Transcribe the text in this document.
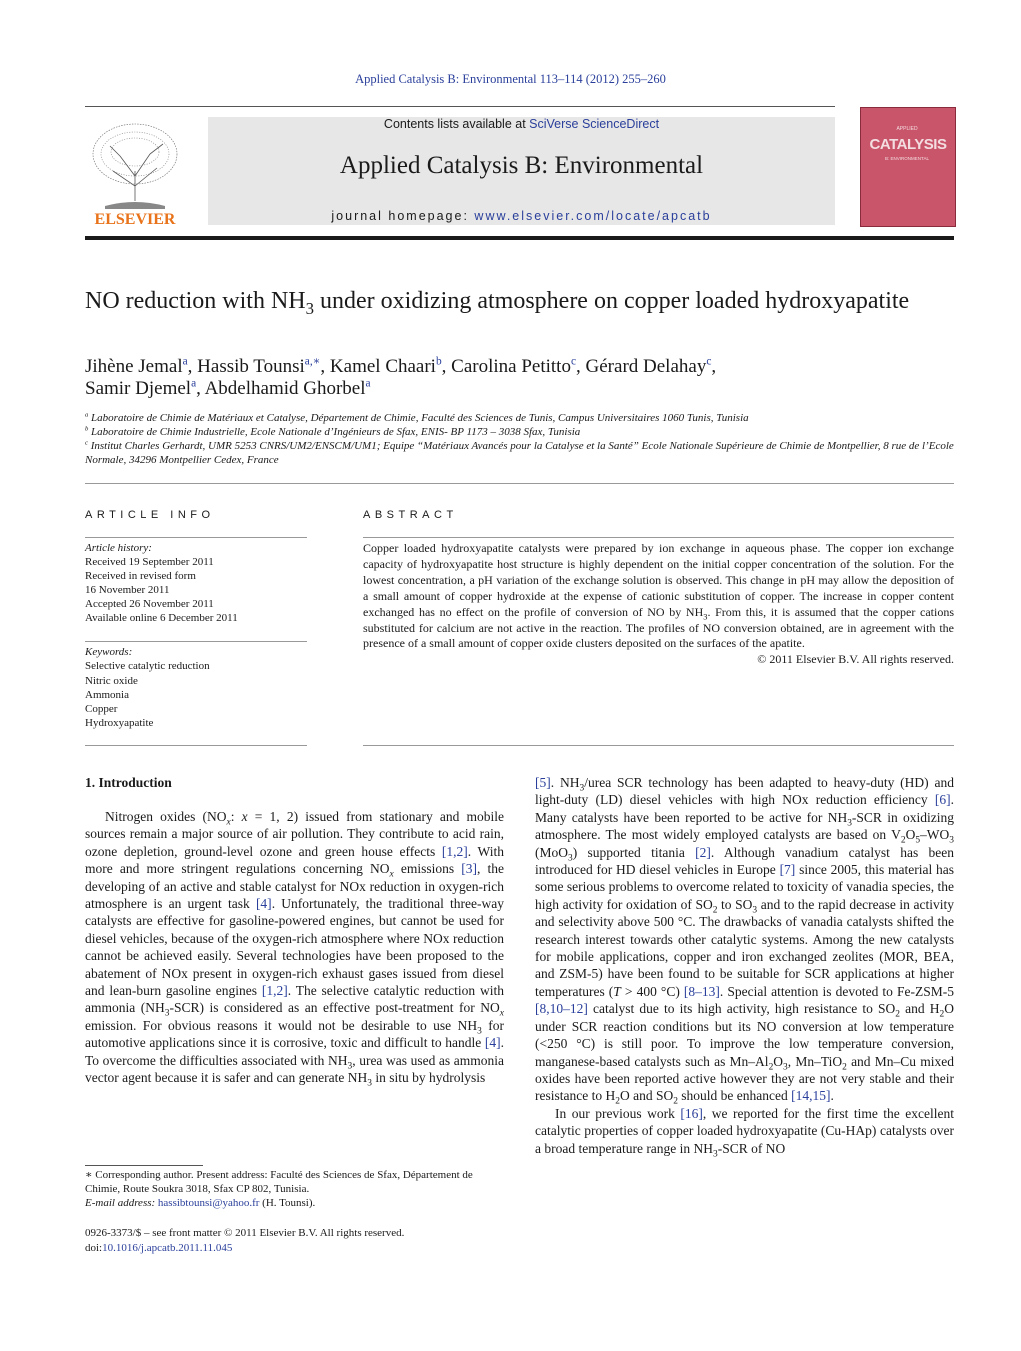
Applied Catalysis B: Environmental 113–114 (2012) 255–260
ELSEVIER
Contents lists available at SciVerse ScienceDirect
Applied Catalysis B: Environmental
journal homepage: www.elsevier.com/locate/apcatb
APPLIED
CATALYSIS
B: ENVIRONMENTAL
NO reduction with $NH_3$ under oxidizing atmosphere on copper loaded hydroxyapatite
Jihène Jemal$^a$, Hassib Tounsi$^{a,∗}$, Kamel Chaari$^b$, Carolina Petitto$^c$, Gérard Delahay$^c$,
Samir Djemel$^a$, Abdelhamid Ghorbel$^a$

$^a$ Laboratoire de Chimie de Matériaux et Catalyse, Département de Chimie, Faculté des Sciences de Tunis, Campus Universitaires 1060 Tunis, Tunisia

$^b$ Laboratoire de Chimie Industrielle, Ecole Nationale d’Ingénieurs de Sfax, ENIS- BP 1173 – 3038 Sfax, Tunisia

$^c$ Institut Charles Gerhardt, UMR 5253 CNRS/UM2/ENSCM/UM1; Equipe “Matériaux Avancés pour la Catalyse et la Santé” Ecole Nationale Supérieure de Chimie de Montpellier, 8 rue de l’Ecole Normale, 34296 Montpellier Cedex, France

ARTICLE INFO
Article history:
Received 19 September 2011
Received in revised form
16 November 2011
Accepted 26 November 2011
Available online 6 December 2011
Keywords:
Selective catalytic reduction
Nitric oxide
Ammonia
Copper
Hydroxyapatite
ABSTRACT
Copper loaded hydroxyapatite catalysts were prepared by ion exchange in aqueous phase. The copper ion exchange capacity of hydroxyapatite host structure is highly dependent on the initial copper concentration of the solution. For the lowest concentration, a pH variation of the exchange solution is observed. This change in pH may allow the deposition of a small amount of copper hydroxide at the expense of cationic substitution of copper. The increase in copper content exchanged has no effect on the profile of conversion of NO by $NH_3$. From this, it is assumed that the copper cations substituted for calcium are not active in the reaction. The profiles of NO conversion obtained, are in agreement with the presence of a small amount of copper oxide clusters deposited on the surfaces of the apatite.
© 2011 Elsevier B.V. All rights reserved.
1. Introduction

Nitrogen oxides ($NO_x$: x = 1, 2) issued from stationary and mobile sources remain a major source of air pollution. They contribute to acid rain, ozone depletion, ground-level ozone and green house effects [1,2]. With more and more stringent regulations concerning $NO_x$ emissions [3], the developing of an active and stable catalyst for NOx reduction in oxygen-rich atmosphere is an urgent task [4]. Unfortunately, the traditional three-way catalysts are effective for gasoline-powered engines, but cannot be used for diesel vehicles, because of the oxygen-rich atmosphere where NOx reduction cannot be achieved easily. Several technologies have been proposed to the abatement of NOx present in oxygen-rich exhaust gases issued from diesel and lean-burn gasoline engines [1,2]. The selective catalytic reduction with ammonia $(NH_3-SCR)$ is considered as an effective post-treatment for $NO_x$ emission. For obvious reasons it would not be desirable to use $NH_3$ for automotive applications since it is corrosive, toxic and difficult to handle [4]. To overcome the difficulties associated with $NH_3$, urea was used as ammonia vector agent because it is safer and can generate $NH_3$ in situ by hydrolysis

[5]. $NH_3$/urea SCR technology has been adapted to heavy-duty (HD) and light-duty (LD) diesel vehicles with high NOx reduction efficiency [6]. Many catalysts have been reported to be active for $NH_3$-SCR in oxidizing atmosphere. The most widely employed catalysts are based on $V_2O_5-WO_3$ (MoO$_3$) supported titania [2]. Although vanadium catalyst has been introduced for HD diesel vehicles in Europe [7] since 2005, this material has some serious problems to overcome related to toxicity of vanadia species, the high activity for oxidation of $SO_2$ to $SO_3$ and to the rapid decrease in activity and selectivity above 500 °C. The drawbacks of vanadia catalysts shifted the research interest towards other catalytic systems. Among the new catalysts for mobile applications, copper and iron exchanged zeolites (MOR, BEA, and ZSM-5) have been found to be suitable for SCR applications at higher temperatures (T > 400 °C) [8–13]. Special attention is devoted to Fe-ZSM-5 [8,10–12] catalyst due to its high activity, high resistance to $SO_2$ and $H_2O$ under SCR reaction conditions but its NO conversion at low temperature (<250 °C) is still poor. To improve the low temperature conversion, manganese-based catalysts such as $Mn-Al_2O_3$, Mn–TiO$_2$ and Mn–Cu mixed oxides have been reported active however they are not very stable and their resistance to $H_2O$ and $SO_2$ should be enhanced [14,15].

In our previous work [16], we reported for the first time the excellent catalytic properties of copper loaded hydroxyapatite (Cu-HAp) catalysts over a broad temperature range in $NH_3$-SCR of NO

∗ Corresponding author. Present address: Faculté des Sciences de Sfax, Département de Chimie, Route Soukra 3018, Sfax CP 802, Tunisia.
E-mail address: hassibtounsi@yahoo.fr (H. Tounsi).
0926-3373/$ – see front matter © 2011 Elsevier B.V. All rights reserved.
doi:10.1016/j.apcatb.2011.11.045
